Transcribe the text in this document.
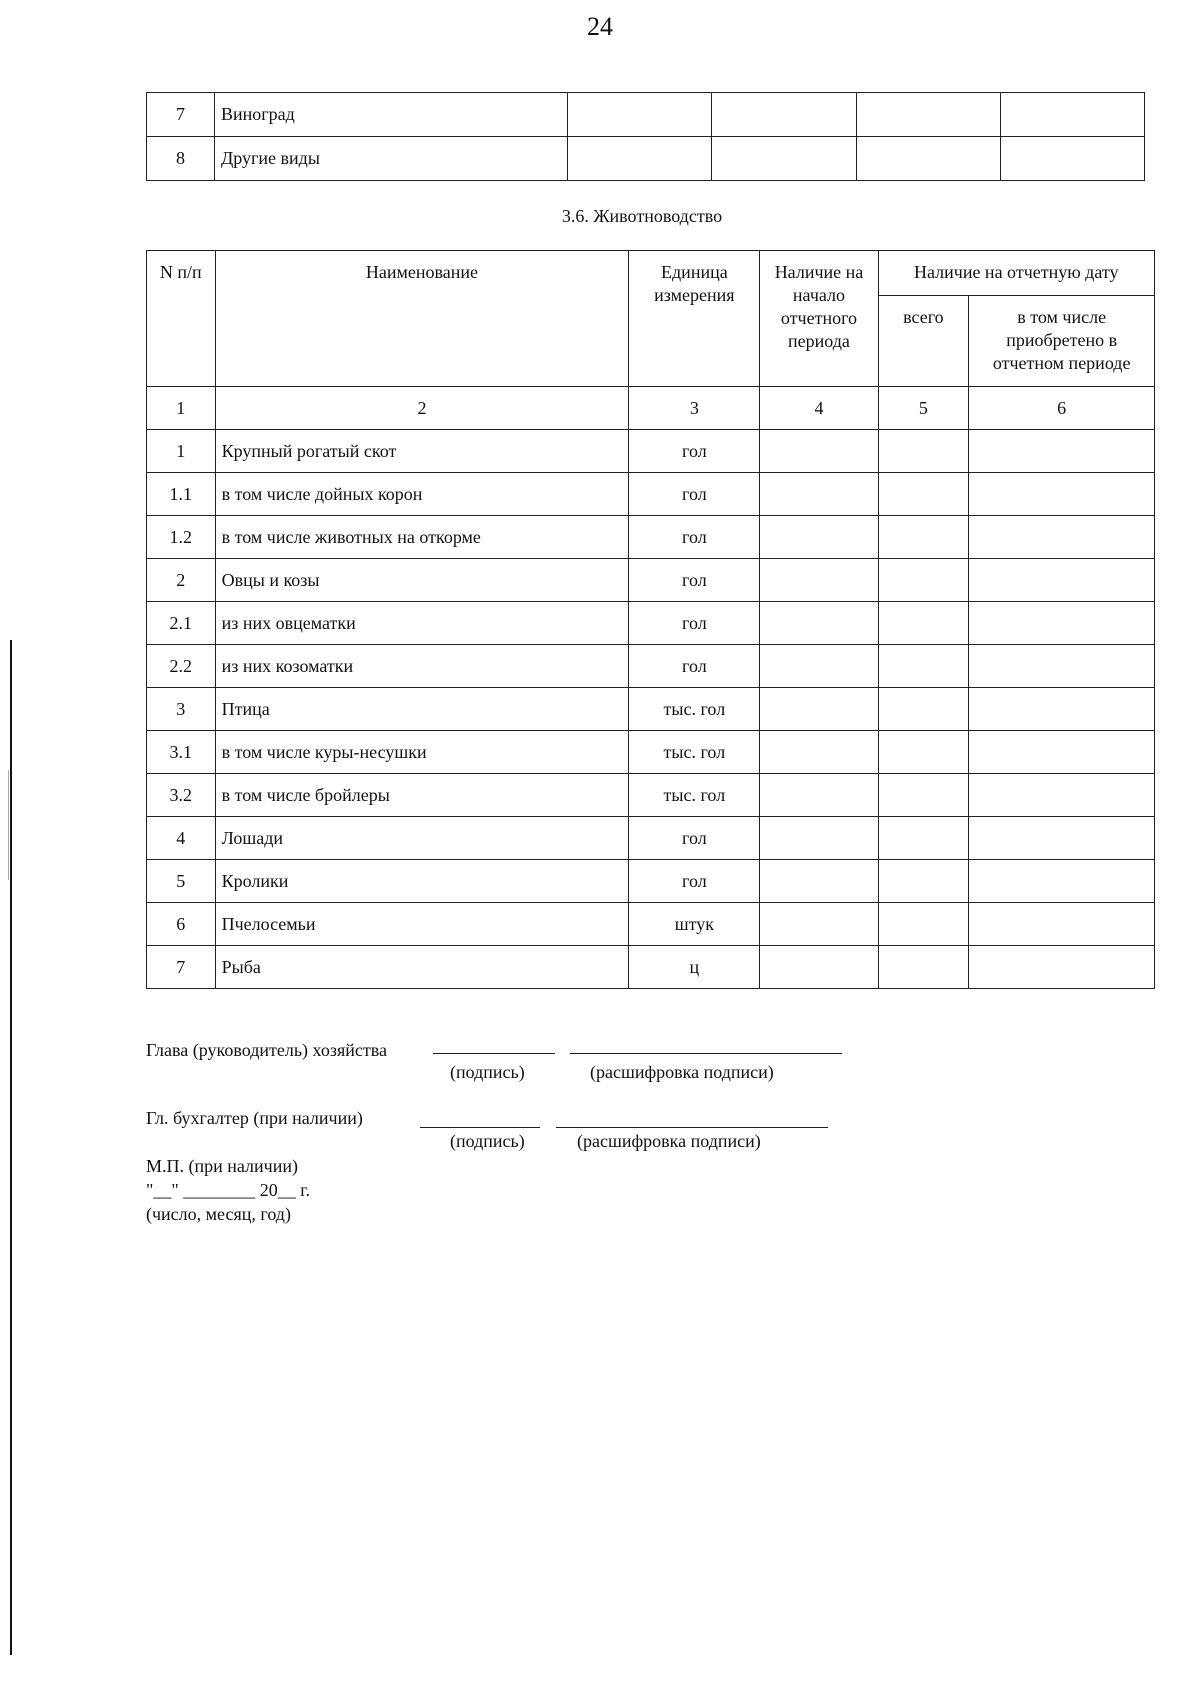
24
7	Виноград				
8	Другие виды				
3.6. Животноводство
N п/п	Наименование	Единица измерения	Наличие на начало отчетного периода	Наличие на отчетную дату	
				всего	в том числе приобретено в отчетном периоде
1	2	3	4	5	6
1	Крупный рогатый скот	гол			
1.1	в том числе дойных корон	гол			
1.2	в том числе животных на откорме	гол			
2	Овцы и козы	гол			
2.1	из них овцематки	гол			
2.2	из них козоматки	гол			
3	Птица	тыс. гол			
3.1	в том числе куры-несушки	тыс. гол			
3.2	в том числе бройлеры	тыс. гол			
4	Лошади	гол			
5	Кролики	гол			
6	Пчелосемьи	штук			
7	Рыба	ц			
Глава (руководитель) хозяйства
(подпись)	(расшифровка подписи)
Гл. бухгалтер (при наличии)
(подпись)	(расшифровка подписи)
М.П. (при наличии)
"__" ________ 20__ г.
(число, месяц, год)
